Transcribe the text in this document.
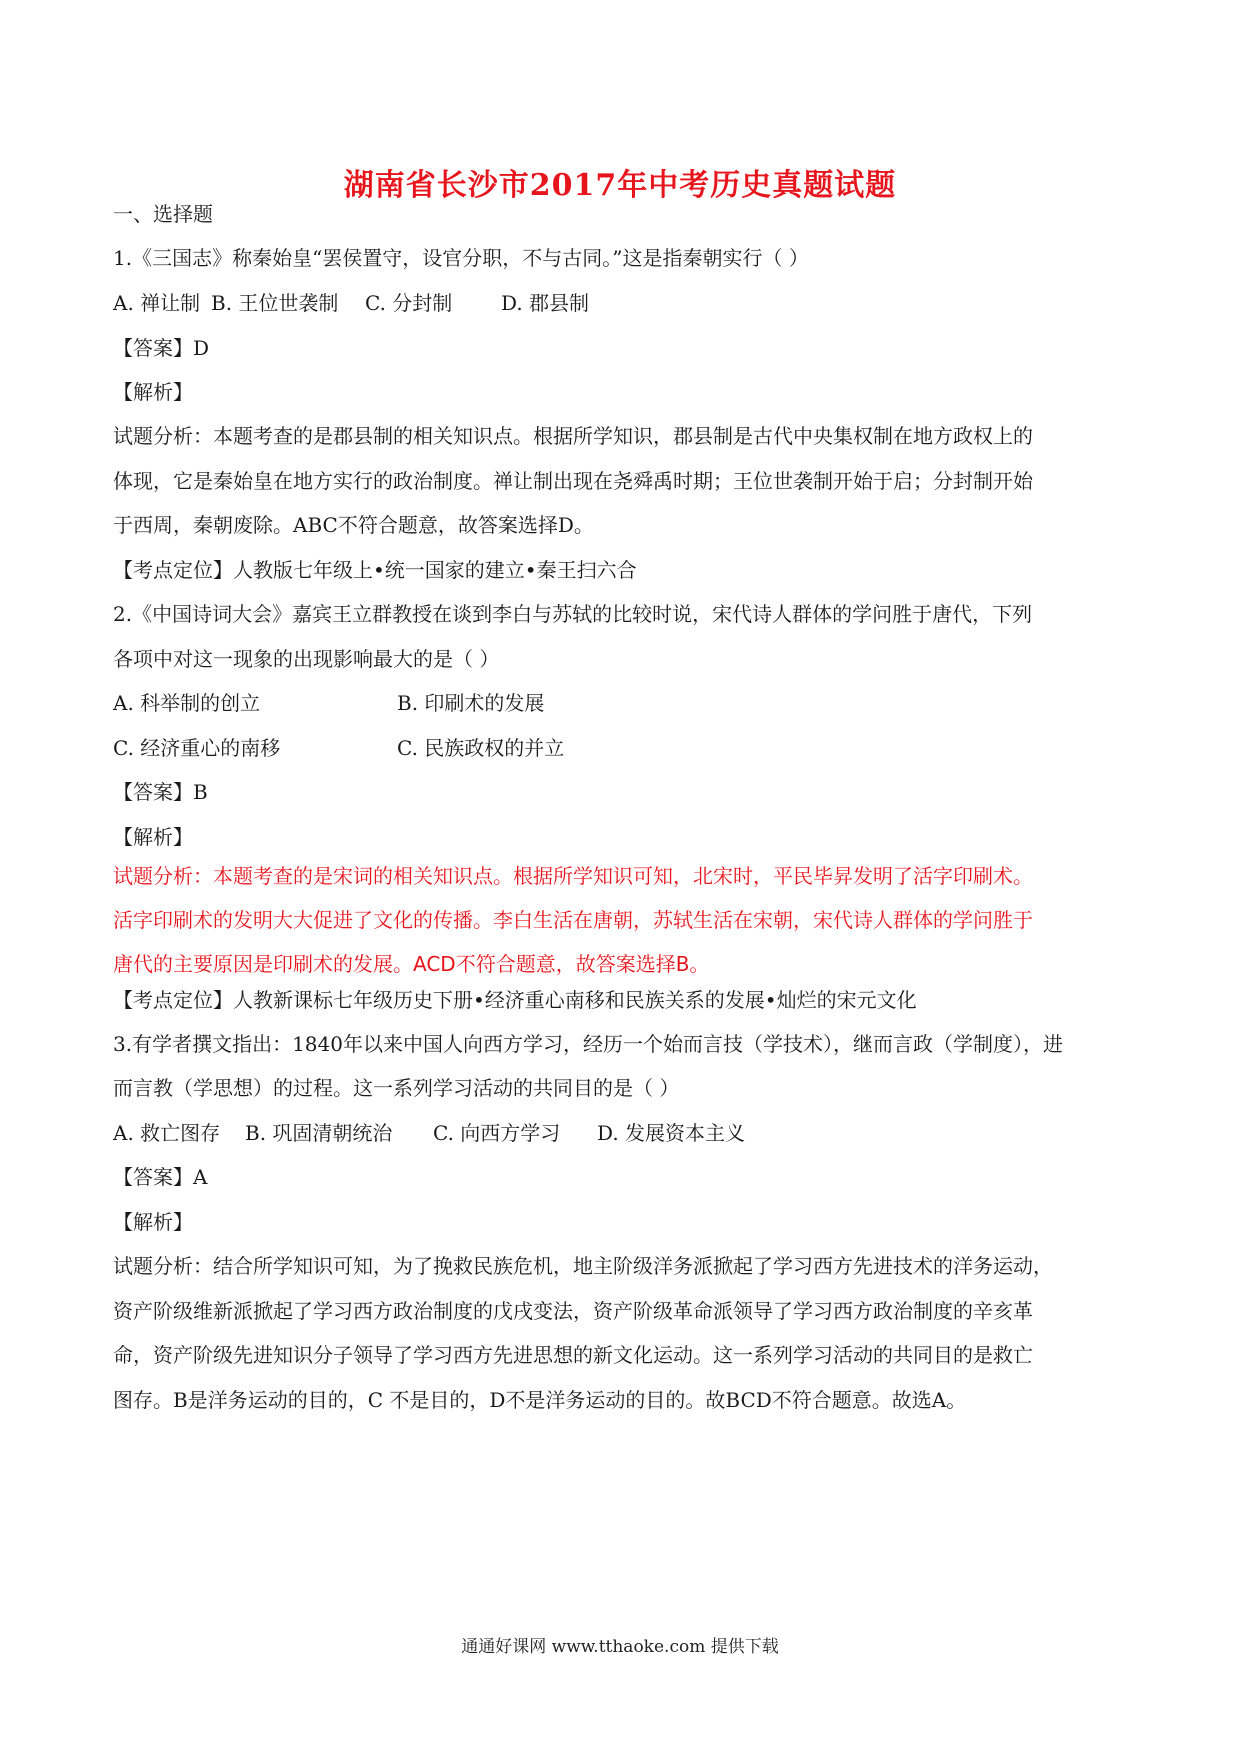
湖南省长沙市2017年中考历史真题试题
一、选择题
1.《三国志》称秦始皇“罢侯置守，设官分职，不与古同。”这是指秦朝实行（ ）
A. 禅让制 B. 王位世袭制 C. 分封制 D. 郡县制
【答案】D
【解析】
试题分析：本题考查的是郡县制的相关知识点。根据所学知识，郡县制是古代中央集权制在地方政权上的
体现，它是秦始皇在地方实行的政治制度。禅让制出现在尧舜禹时期；王位世袭制开始于启；分封制开始
于西周，秦朝废除。ABC不符合题意，故答案选择D。
【考点定位】人教版七年级上•统一国家的建立•秦王扫六合
2.《中国诗词大会》嘉宾王立群教授在谈到李白与苏轼的比较时说，宋代诗人群体的学问胜于唐代，下列
各项中对这一现象的出现影响最大的是（ ）
A. 科举制的创立	B. 印刷术的发展
C. 经济重心的南移	C. 民族政权的并立
【答案】B
【解析】
试题分析：本题考查的是宋词的相关知识点。根据所学知识可知，北宋时，平民毕昇发明了活字印刷术。
活字印刷术的发明大大促进了文化的传播。李白生活在唐朝，苏轼生活在宋朝，宋代诗人群体的学问胜于
唐代的主要原因是印刷术的发展。ACD不符合题意，故答案选择B。
【考点定位】人教新课标七年级历史下册•经济重心南移和民族关系的发展•灿烂的宋元文化
3.有学者撰文指出：1840年以来中国人向西方学习，经历一个始而言技（学技术），继而言政（学制度），进
而言教（学思想）的过程。这一系列学习活动的共同目的是（ ）
A. 救亡图存 B. 巩固清朝统治 C. 向西方学习 D. 发展资本主义
【答案】A
【解析】
试题分析：结合所学知识可知，为了挽救民族危机，地主阶级洋务派掀起了学习西方先进技术的洋务运动，
资产阶级维新派掀起了学习西方政治制度的戊戌变法，资产阶级革命派领导了学习西方政治制度的辛亥革
命，资产阶级先进知识分子领导了学习西方先进思想的新文化运动。这一系列学习活动的共同目的是救亡
图存。B是洋务运动的目的，C 不是目的，D不是洋务运动的目的。故BCD不符合题意。故选A。
通通好课网 www.tthaoke.com 提供下载
